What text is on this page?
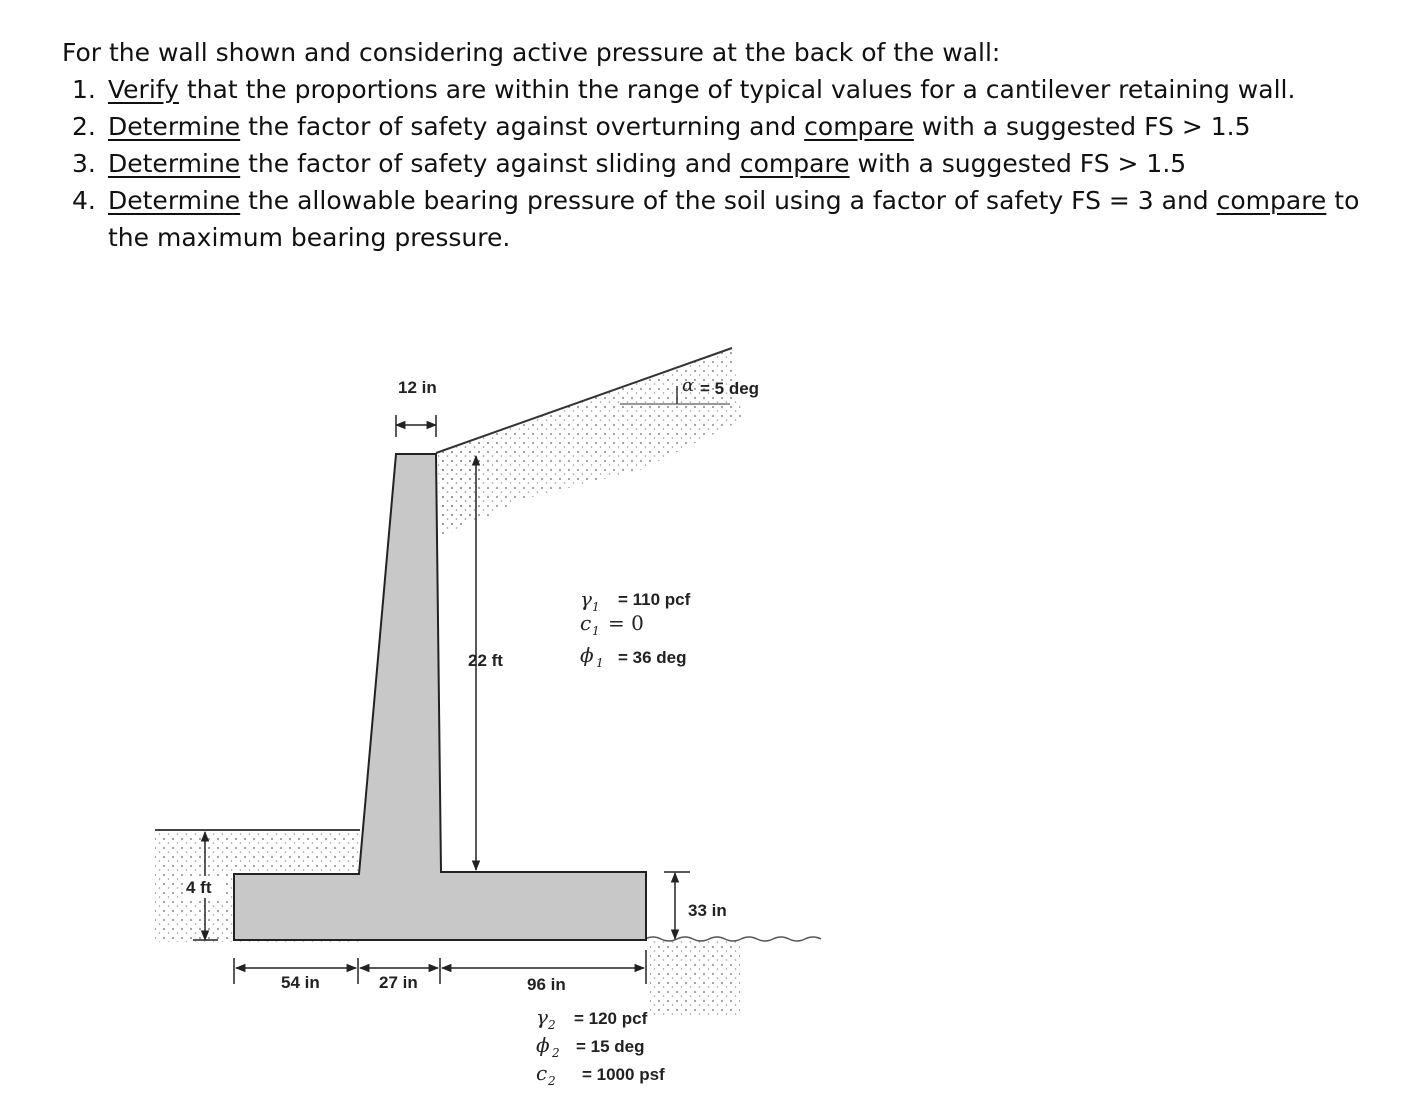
For the wall shown and considering active pressure at the back of the wall:

1. Verify that the proportions are within the range of typical values for a cantilever retaining wall.
2. Determine the factor of safety against overturning and compare with a suggested FS > 1.5
3. Determine the factor of safety against sliding and compare with a suggested FS > 1.5
4. Determine the allowable bearing pressure of the soil using a factor of safety FS = 3 and compare to the maximum bearing pressure.
12 in
22 ft
33 in
4 ft
54 in	27 in	96 in
α = 5 deg
γ 1 = 110 pcf
c 1 = 0
ϕ 1 = 36 deg
γ 2 = 120 pcf
ϕ 2 = 15 deg
c 2 = 1000 psf
